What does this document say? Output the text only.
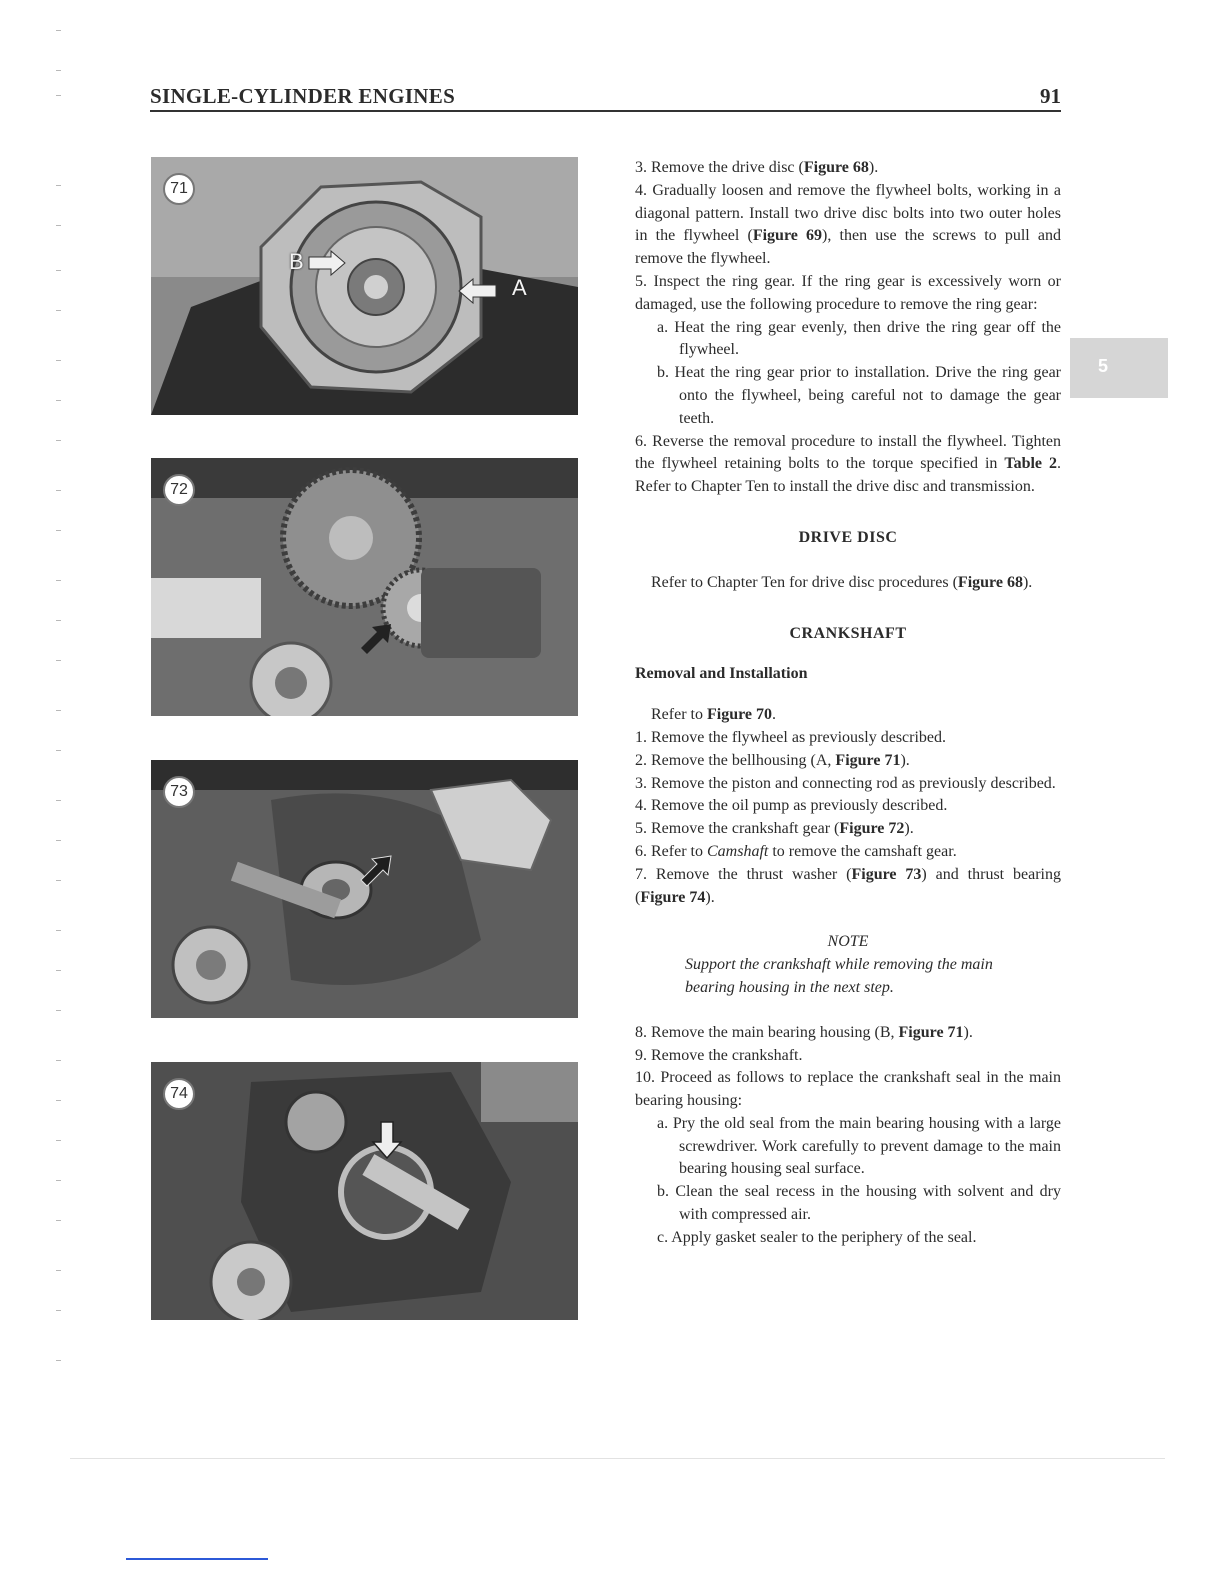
SINGLE-CYLINDER ENGINES	91
5
71
B
A
72
73
74

3. Remove the drive disc (Figure 68).

4. Gradually loosen and remove the flywheel bolts, working in a diagonal pattern. Install two drive disc bolts into two outer holes in the flywheel (Figure 69), then use the screws to pull and remove the flywheel.

5. Inspect the ring gear. If the ring gear is excessively worn or damaged, use the following procedure to remove the ring gear:

a. Heat the ring gear evenly, then drive the ring gear off the flywheel.

b. Heat the ring gear prior to installation. Drive the ring gear onto the flywheel, being careful not to damage the gear teeth.

6. Reverse the removal procedure to install the flywheel. Tighten the flywheel retaining bolts to the torque specified in Table 2. Refer to Chapter Ten to install the drive disc and transmission.

DRIVE DISC

Refer to Chapter Ten for drive disc procedures (Figure 68).

CRANKSHAFT

Removal and Installation

Refer to Figure 70.

1. Remove the flywheel as previously described.

2. Remove the bellhousing (A, Figure 71).

3. Remove the piston and connecting rod as previously described.

4. Remove the oil pump as previously described.

5. Remove the crankshaft gear (Figure 72).

6. Refer to Camshaft to remove the camshaft gear.

7. Remove the thrust washer (Figure 73) and thrust bearing (Figure 74).

NOTE

Support the crankshaft while removing the main bearing housing in the next step.

8. Remove the main bearing housing (B, Figure 71).

9. Remove the crankshaft.

10. Proceed as follows to replace the crankshaft seal in the main bearing housing:

a. Pry the old seal from the main bearing housing with a large screwdriver. Work carefully to prevent damage to the main bearing housing seal surface.

b. Clean the seal recess in the housing with solvent and dry with compressed air.

c. Apply gasket sealer to the periphery of the seal.
